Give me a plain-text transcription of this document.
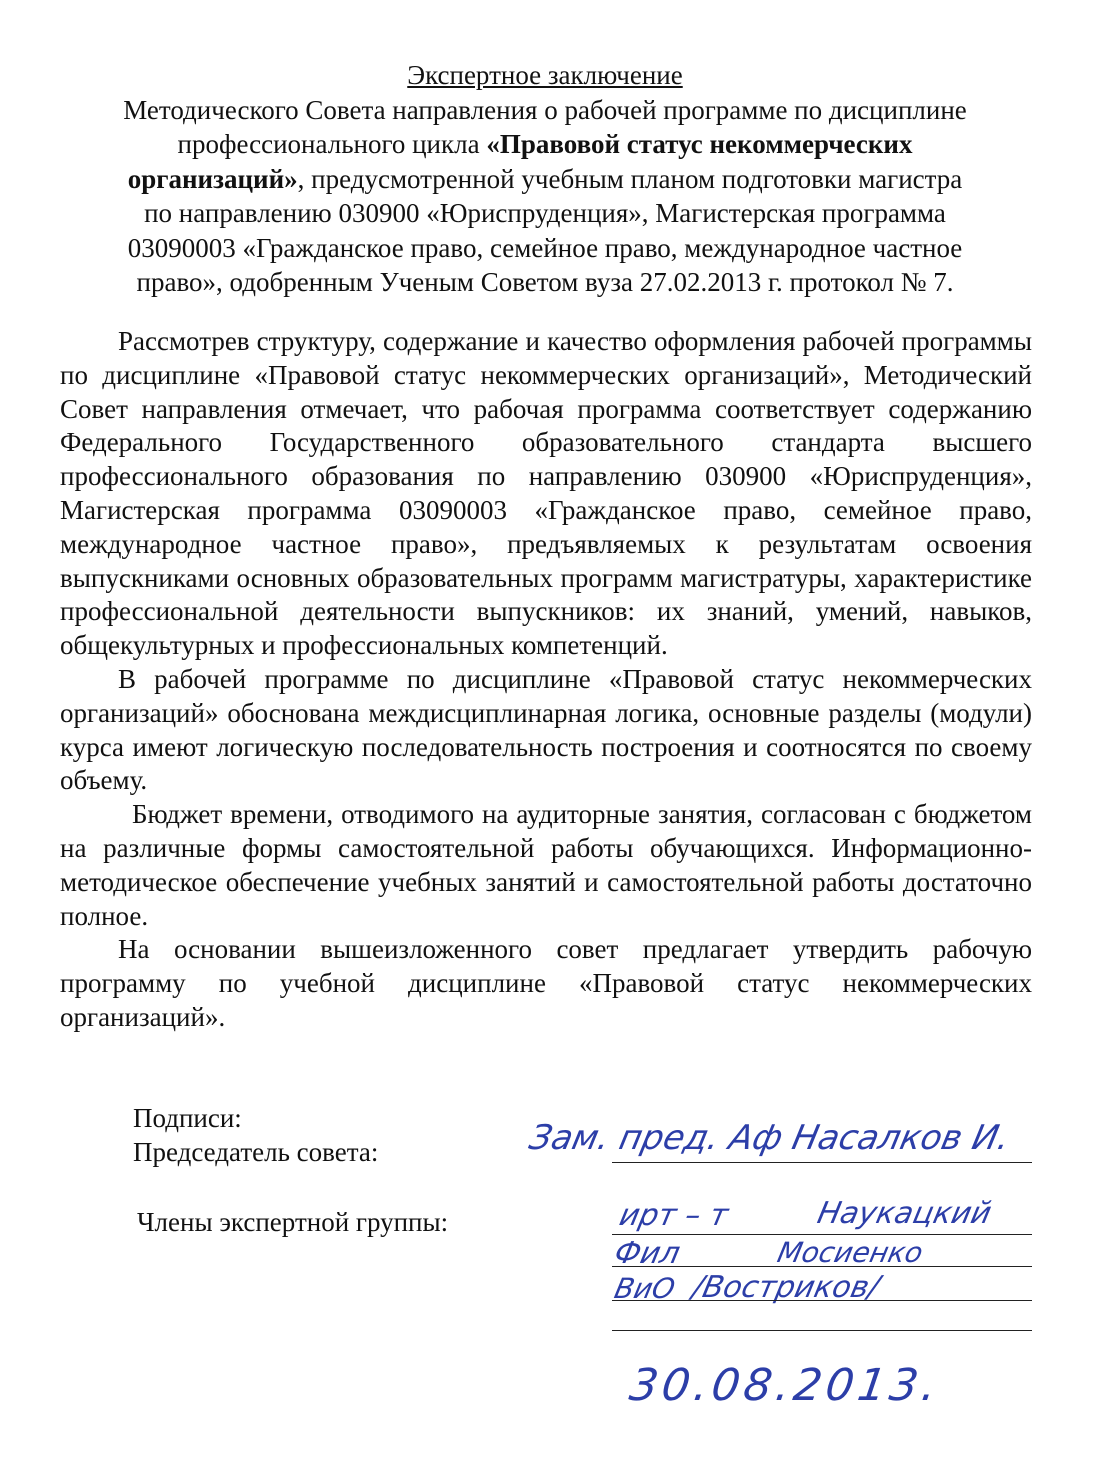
Экспертное заключение
Методического Совета направления о рабочей программе по дисциплине
профессионального цикла «Правовой статус некоммерческих
организаций», предусмотренной учебным планом подготовки магистра
по направлению 030900 «Юриспруденция», Магистерская программа
03090003 «Гражданское право, семейное право, международное частное
право», одобренным Ученым Советом вуза 27.02.2013 г. протокол № 7.

Рассмотрев структуру, содержание и качество оформления рабочей программы по дисциплине «Правовой статус некоммерческих организаций», Методический Совет направления отмечает, что рабочая программа соответствует содержанию Федерального Государственного образовательного стандарта высшего профессионального образования по направлению 030900 «Юриспруденция», Магистерская программа 03090003 «Гражданское право, семейное право, международное частное право», предъявляемых к результатам освоения выпускниками основных образовательных программ магистратуры, характеристике профессиональной деятельности выпускников: их знаний, умений, навыков, общекультурных и профессиональных компетенций.

В рабочей программе по дисциплине «Правовой статус некоммерческих организаций» обоснована междисциплинарная логика, основные разделы (модули) курса имеют логическую последовательность построения и соотносятся по своему объему.

Бюджет времени, отводимого на аудиторные занятия, согласован с бюджетом на различные формы самостоятельной работы обучающихся. Информационно-методическое обеспечение учебных занятий и самостоятельной работы достаточно полное.

На основании вышеизложенного совет предлагает утвердить рабочую программу по учебной дисциплине «Правовой статус некоммерческих организаций».

Подписи:
Председатель совета:
Члены экспертной группы:
Зам. пред. Аф Насалков И.
ирт – т	Наукацкий
Фил	Мосиенко
ВиО /Востриков/
30.08.2013.
